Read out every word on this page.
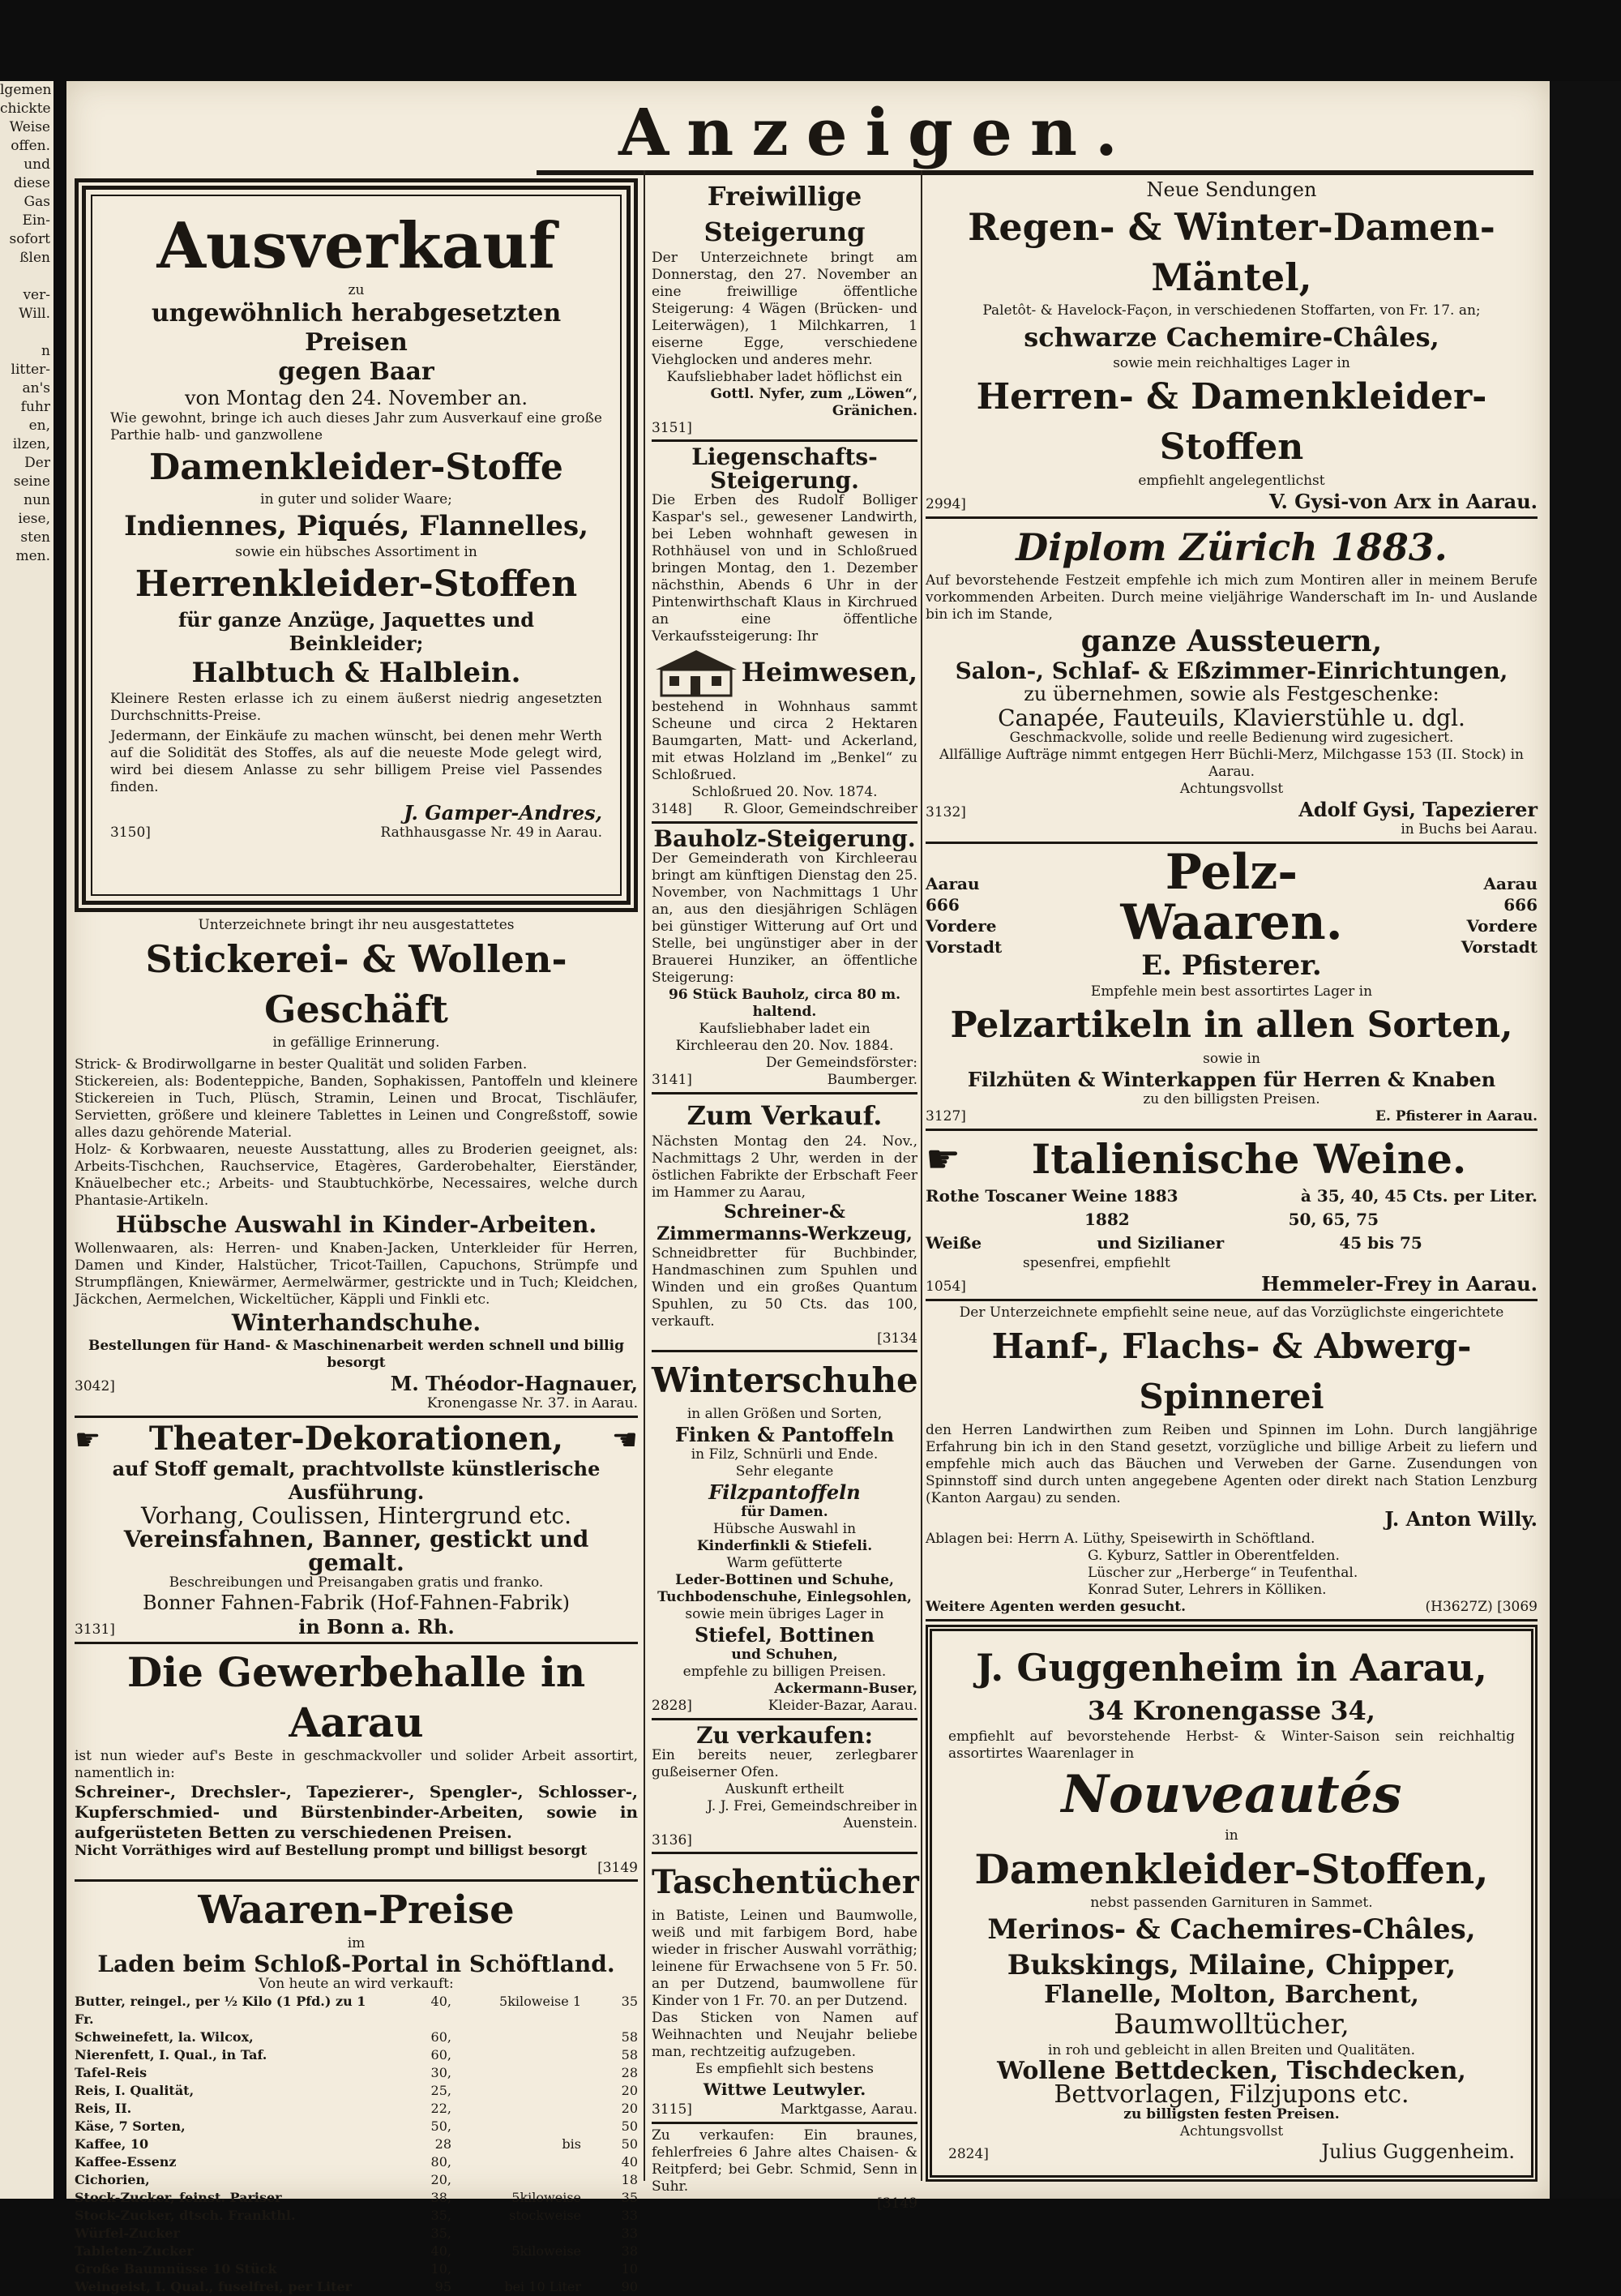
lgemen
chickte
Weise
offen.
und
diese
Gas
Ein-
sofort
ßlen

ver-
Will.

n
litter-
an's
fuhr
en,
ilzen,
Der
seine
nun
iese,
sten
men.

Anzeigen.
Ausverkauf
zu
ungewöhnlich herabgesetzten Preisen
gegen Baar
von Montag den 24. November an.
Wie gewohnt, bringe ich auch dieses Jahr zum Ausverkauf eine große Parthie halb- und ganzwollene
Damenkleider-Stoffe
in guter und solider Waare;
Indiennes, Piqués, Flannelles,
sowie ein hübsches Assortiment in
Herrenkleider-Stoffen
für ganze Anzüge, Jaquettes und Beinkleider;
Halbtuch & Halblein.
Kleinere Resten erlasse ich zu einem äußerst niedrig angesetzten Durchschnitts-Preise.
Jedermann, der Einkäufe zu machen wünscht, bei denen mehr Werth auf die Solidität des Stoffes, als auf die neueste Mode gelegt wird, wird bei diesem Anlasse zu sehr billigem Preise viel Passendes finden.
J. Gamper-Andres,
3150]	Rathhausgasse Nr. 49 in Aarau.
Unterzeichnete bringt ihr neu ausgestattetes
Stickerei- & Wollen-Geschäft
in gefällige Erinnerung.
Strick- & Brodirwollgarne in bester Qualität und soliden Farben.
Stickereien, als: Bodenteppiche, Banden, Sophakissen, Pantoffeln und kleinere Stickereien in Tuch, Plüsch, Stramin, Leinen und Brocat, Tischläufer, Servietten, größere und kleinere Tablettes in Leinen und Congreßstoff, sowie alles dazu gehörende Material.
Holz- & Korbwaaren, neueste Ausstattung, alles zu Broderien geeignet, als: Arbeits-Tischchen, Rauchservice, Etagères, Garderobehalter, Eierständer, Knäuelbecher etc.; Arbeits- und Staubtuchkörbe, Necessaires, welche durch Phantasie-Artikeln.
Hübsche Auswahl in Kinder-Arbeiten.
Wollenwaaren, als: Herren- und Knaben-Jacken, Unterkleider für Herren, Damen und Kinder, Halstücher, Tricot-Taillen, Capuchons, Strümpfe und Strumpflängen, Kniewärmer, Aermelwärmer, gestrickte und in Tuch; Kleidchen, Jäckchen, Aermelchen, Wickeltücher, Käppli und Finkli etc.
Winterhandschuhe.
Bestellungen für Hand- & Maschinenarbeit werden schnell und billig besorgt
3042]	M. Théodor-Hagnauer,
Kronengasse Nr. 37. in Aarau.
☛ Theater-Dekorationen, ☚
auf Stoff gemalt, prachtvollste künstlerische Ausführung.
Vorhang, Coulissen, Hintergrund etc.
Vereinsfahnen, Banner, gestickt und gemalt.
Beschreibungen und Preisangaben gratis und franko.
Bonner Fahnen-Fabrik (Hof-Fahnen-Fabrik)
3131]	in Bonn a. Rh.
Die Gewerbehalle in Aarau
ist nun wieder auf's Beste in geschmackvoller und solider Arbeit assortirt, namentlich in:
Schreiner-, Drechsler-, Tapezierer-, Spengler-, Schlosser-, Kupferschmied- und Bürstenbinder-Arbeiten, sowie in aufgerüsteten Betten zu verschiedenen Preisen.
Nicht Vorräthiges wird auf Bestellung prompt und billigst besorgt
[3149
Waaren-Preise
im
Laden beim Schloß-Portal in Schöftland.
Von heute an wird verkauft:
Butter, reingel., per ½ Kilo (1 Pfd.) zu 1 Fr.
40,	5kiloweise 1	35
Schweinefett, la. Wilcox,	60,	58
Nierenfett, I. Qual., in Taf.	60,	58
Tafel-Reis	30,	28
Reis, I. Qualität,	25,	20
Reis, II.	22,	20
Käse, 7 Sorten,	50,	50
Kaffee, 10	28	bis	50
Kaffee-Essenz	80,	40
Cichorien,	20,	18
Stock-Zucker, feinst. Pariser	38,	5kiloweise	35
Stock-Zucker, dtsch. Frankthl.	35,	stockweise	33
Würfel-Zucker	35,	33
Tableten-Zucker	40,	5kiloweise	38
Große Baumnüsse 10 Stück	10,	10
Weingeist, I. Qual., fuselfrei, per Liter	95	bei 10 Liter	90
Freiwillige Steigerung
Der Unterzeichnete bringt am Donnerstag, den 27. November an eine freiwillige öffentliche Steigerung: 4 Wägen (Brücken- und Leiterwägen), 1 Milchkarren, 1 eiserne Egge, verschiedene Viehglocken und anderes mehr.
Kaufsliebhaber ladet höflichst ein
Gottl. Nyfer, zum „Löwen“, Gränichen.
3151]
Liegenschafts-Steigerung.
Die Erben des Rudolf Bolliger Kaspar's sel., gewesener Landwirth, bei Leben wohnhaft gewesen in Rothhäusel von und in Schloßrued bringen Montag, den 1. Dezember nächsthin, Abends 6 Uhr in der Pintenwirthschaft Klaus in Kirchrued an eine öffentliche Verkaufssteigerung: Ihr
Heimwesen,
bestehend in Wohnhaus sammt Scheune und circa 2 Hektaren Baumgarten, Matt- und Ackerland, mit etwas Holzland im „Benkel“ zu Schloßrued.
Schloßrued 20. Nov. 1874.
3148] R. Gloor, Gemeindschreiber
Bauholz-Steigerung.
Der Gemeinderath von Kirchleerau bringt am künftigen Dienstag den 25. November, von Nachmittags 1 Uhr an, aus den diesjährigen Schlägen bei günstiger Witterung auf Ort und Stelle, bei ungünstiger aber in der Brauerei Hunziker, an öffentliche Steigerung:
96 Stück Bauholz, circa 80 m. haltend.
Kaufsliebhaber ladet ein
Kirchleerau den 20. Nov. 1884.
Der Gemeindsförster:
3141]	Baumberger.
Zum Verkauf.
Nächsten Montag den 24. Nov., Nachmittags 2 Uhr, werden in der östlichen Fabrikte der Erbschaft Feer im Hammer zu Aarau,
Schreiner-& Zimmermanns-Werkzeug,
Schneidbretter für Buchbinder, Handmaschinen zum Spuhlen und Winden und ein großes Quantum Spuhlen, zu 50 Cts. das 100, verkauft.
[3134
Winterschuhe
in allen Größen und Sorten,
Finken & Pantoffeln
in Filz, Schnürli und Ende.
Sehr elegante
Filzpantoffeln
für Damen.
Hübsche Auswahl in
Kinderfinkli & Stiefeli.
Warm gefütterte
Leder-Bottinen und Schuhe,
Tuchbodenschuhe, Einlegsohlen,
sowie mein übriges Lager in
Stiefel, Bottinen
und Schuhen,
empfehle zu billigen Preisen.
Ackermann-Buser,
2828]	Kleider-Bazar, Aarau.
Zu verkaufen:
Ein bereits neuer, zerlegbarer gußeiserner Ofen.
Auskunft ertheilt
J. J. Frei, Gemeindschreiber in Auenstein.
3136]
Taschentücher
in Batiste, Leinen und Baumwolle, weiß und mit farbigem Bord, habe wieder in frischer Auswahl vorräthig; leinene für Erwachsene von 5 Fr. 50. an per Dutzend, baumwollene für Kinder von 1 Fr. 70. an per Dutzend.
Das Sticken von Namen auf Weihnachten und Neujahr beliebe man, rechtzeitig aufzugeben.
Es empfiehlt sich bestens
Wittwe Leutwyler.
3115]	Marktgasse, Aarau.
Zu verkaufen: Ein braunes, fehlerfreies 6 Jahre altes Chaisen- & Reitpferd; bei Gebr. Schmid, Senn in Suhr.
[3149
Neue Sendungen
Regen- & Winter-Damen-Mäntel,
Paletôt- & Havelock-Façon, in verschiedenen Stoffarten, von Fr. 17. an;
schwarze Cachemire-Châles,
sowie mein reichhaltiges Lager in
Herren- & Damenkleider-Stoffen
empfiehlt angelegentlichst
2994]	V. Gysi-von Arx in Aarau.
Diplom Zürich 1883.
Auf bevorstehende Festzeit empfehle ich mich zum Montiren aller in meinem Berufe vorkommenden Arbeiten. Durch meine vieljährige Wanderschaft im In- und Auslande bin ich im Stande,
ganze Aussteuern,
Salon-, Schlaf- & Eßzimmer-Einrichtungen,
zu übernehmen, sowie als Festgeschenke:
Canapée, Fauteuils, Klavierstühle u. dgl.
Geschmackvolle, solide und reelle Bedienung wird zugesichert.
Allfällige Aufträge nimmt entgegen Herr Büchli-Merz, Milchgasse 153 (II. Stock) in Aarau.
Achtungsvollst
3132]	Adolf Gysi, Tapezierer
in Buchs bei Aarau.
Aarau
666
Vordere Vorstadt
Pelz-Waaren.
E. Pfisterer.
Aarau
666
Vordere Vorstadt
Empfehle mein best assortirtes Lager in
Pelzartikeln in allen Sorten,
sowie in
Filzhüten & Winterkappen für Herren & Knaben
zu den billigsten Preisen.
3127]	E. Pfisterer in Aarau.
☛ Italienische Weine.
Rothe Toscaner Weine 1883	à 35, 40, 45 Cts. per Liter.
1882	50, 65, 75
Weiße	und Sizilianer	45 bis 75
spesenfrei, empfiehlt
1054]	Hemmeler-Frey in Aarau.
Der Unterzeichnete empfiehlt seine neue, auf das Vorzüglichste eingerichtete
Hanf-, Flachs- & Abwerg-Spinnerei
den Herren Landwirthen zum Reiben und Spinnen im Lohn. Durch langjährige Erfahrung bin ich in den Stand gesetzt, vorzügliche und billige Arbeit zu liefern und empfehle mich auch das Bäuchen und Verweben der Garne. Zusendungen von Spinnstoff sind durch unten angegebene Agenten oder direkt nach Station Lenzburg (Kanton Aargau) zu senden.
J. Anton Willy.
Ablagen bei: Herrn A. Lüthy, Speisewirth in Schöftland.
G. Kyburz, Sattler in Oberentfelden.
Lüscher zur „Herberge“ in Teufenthal.
Konrad Suter, Lehrers in Kölliken.
Weitere Agenten werden gesucht.	(H3627Z) [3069
J. Guggenheim in Aarau,
34 Kronengasse 34,
empfiehlt auf bevorstehende Herbst- & Winter-Saison sein reichhaltig assortirtes Waarenlager in
Nouveautés
in
Damenkleider-Stoffen,
nebst passenden Garnituren in Sammet.
Merinos- & Cachemires-Châles,
Bukskings, Milaine, Chipper,
Flanelle, Molton, Barchent,
Baumwolltücher,
in roh und gebleicht in allen Breiten und Qualitäten.
Wollene Bettdecken, Tischdecken,
Bettvorlagen, Filzjupons etc.
zu billigsten festen Preisen.
Achtungsvollst
2824]	Julius Guggenheim.
